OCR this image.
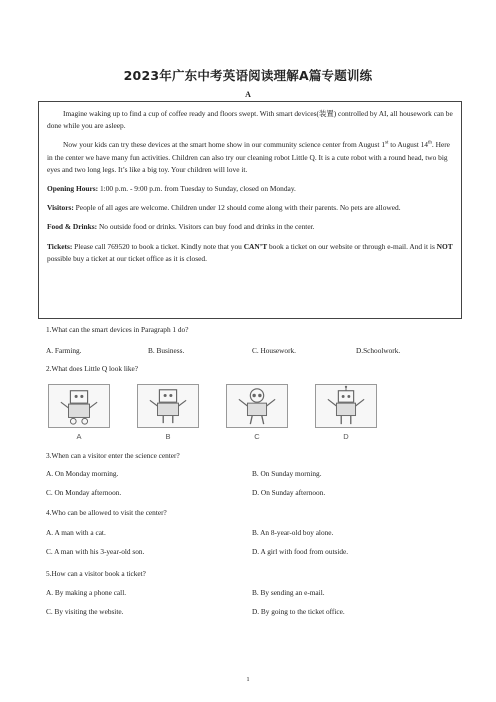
2023年广东中考英语阅读理解A篇专题训练
A

Imagine waking up to find a cup of coffee ready and floors swept. With smart devices(装置) controlled by AI, all housework can be done while you are asleep.

Now your kids can try these devices at the smart home show in our community science center from August 1st to August 14th. Here in the center we have many fun activities. Children can also try our cleaning robot Little Q. It is a cute robot with a round head, two big eyes and two long legs. It’s like a big toy. Your children will love it.

Opening Hours: 1:00 p.m. - 9:00 p.m. from Tuesday to Sunday, closed on Monday.

Visitors: People of all ages are welcome. Children under 12 should come along with their parents. No pets are allowed.

Food & Drinks: No outside food or drinks. Visitors can buy food and drinks in the center.

Tickets: Please call 769520 to book a ticket. Kindly note that you CAN’T book a ticket on our website or through e-mail. And it is NOT possible buy a ticket at our ticket office as it is closed.

1.What can the smart devices in Paragraph 1 do?
A. Farming.	B. Business.	C. Housework.	D.Schoolwork.
2.What does Little Q look like?
A	B	C	D
3.When can a visitor enter the science center?
A. On Monday morning.	B. On Sunday morning.
C. On Monday afternoon.	D. On Sunday afternoon.
4.Who can be allowed to visit the center?
A. A man with a cat.	B. An 8-year-old boy alone.
C. A man with his 3-year-old son.	D. A girl with food from outside.
5.How can a visitor book a ticket?
A. By making a phone call.	B. By sending an e-mail.
C. By visiting the website.	D. By going to the ticket office.
1
